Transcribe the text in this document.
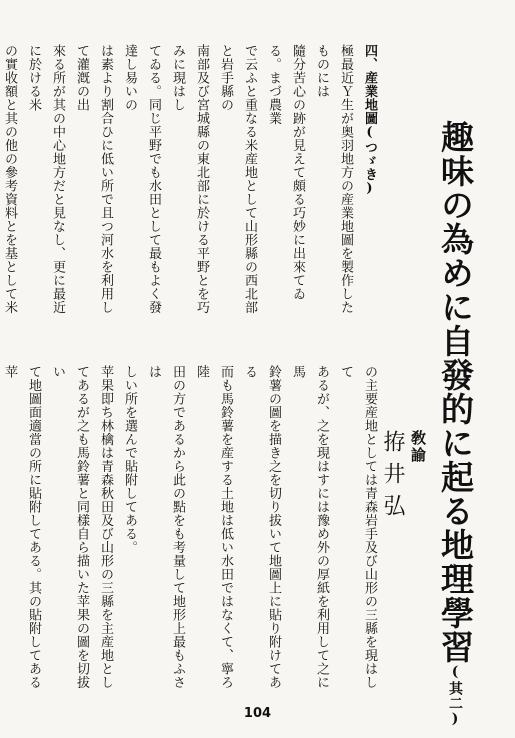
趣味の為めに自發的に起る地理學習(其二)
敎諭
拵井弘

四、産業地圖(つゞき)

極最近Ｙ生が奥羽地方の産業地圖を製作したものには

隨分苦心の跡が見えて頗る巧妙に出來てゐる。まづ農業

で云ふと重なる米産地として山形縣の西北部と岩手縣の

南部及び宮城縣の東北部に於ける平野とを巧みに現はし

てゐる。同じ平野でも水田として最もよく發達し易いの

は素より割合ひに低い所で且つ河水を利用して灌漑の出

來る所が其の中心地方だと見なし、更に最近に於ける米

の實收額と其の他の參考資料とを基として米

の主要産地としては青森岩手及び山形の三縣を現はして

あるが、之を現はすには豫め外の厚紙を利用して之に馬

鈴薯の圖を描き之を切り拔いて地圖上に貼り附けてある

而も馬鈴薯を産する土地は低い水田ではなくて、寧ろ陸

田の方であるから此の點をも考量して地形上最もふさは

しい所を選んで貼附してある。

苹果即ち林檎は青森秋田及び山形の三縣を主産地とし

てあるが之も馬鈴薯と同樣自ら描いた苹果の圖を切拔い

て地圖面適當の所に貼附してある。其の貼附してある苹

104
